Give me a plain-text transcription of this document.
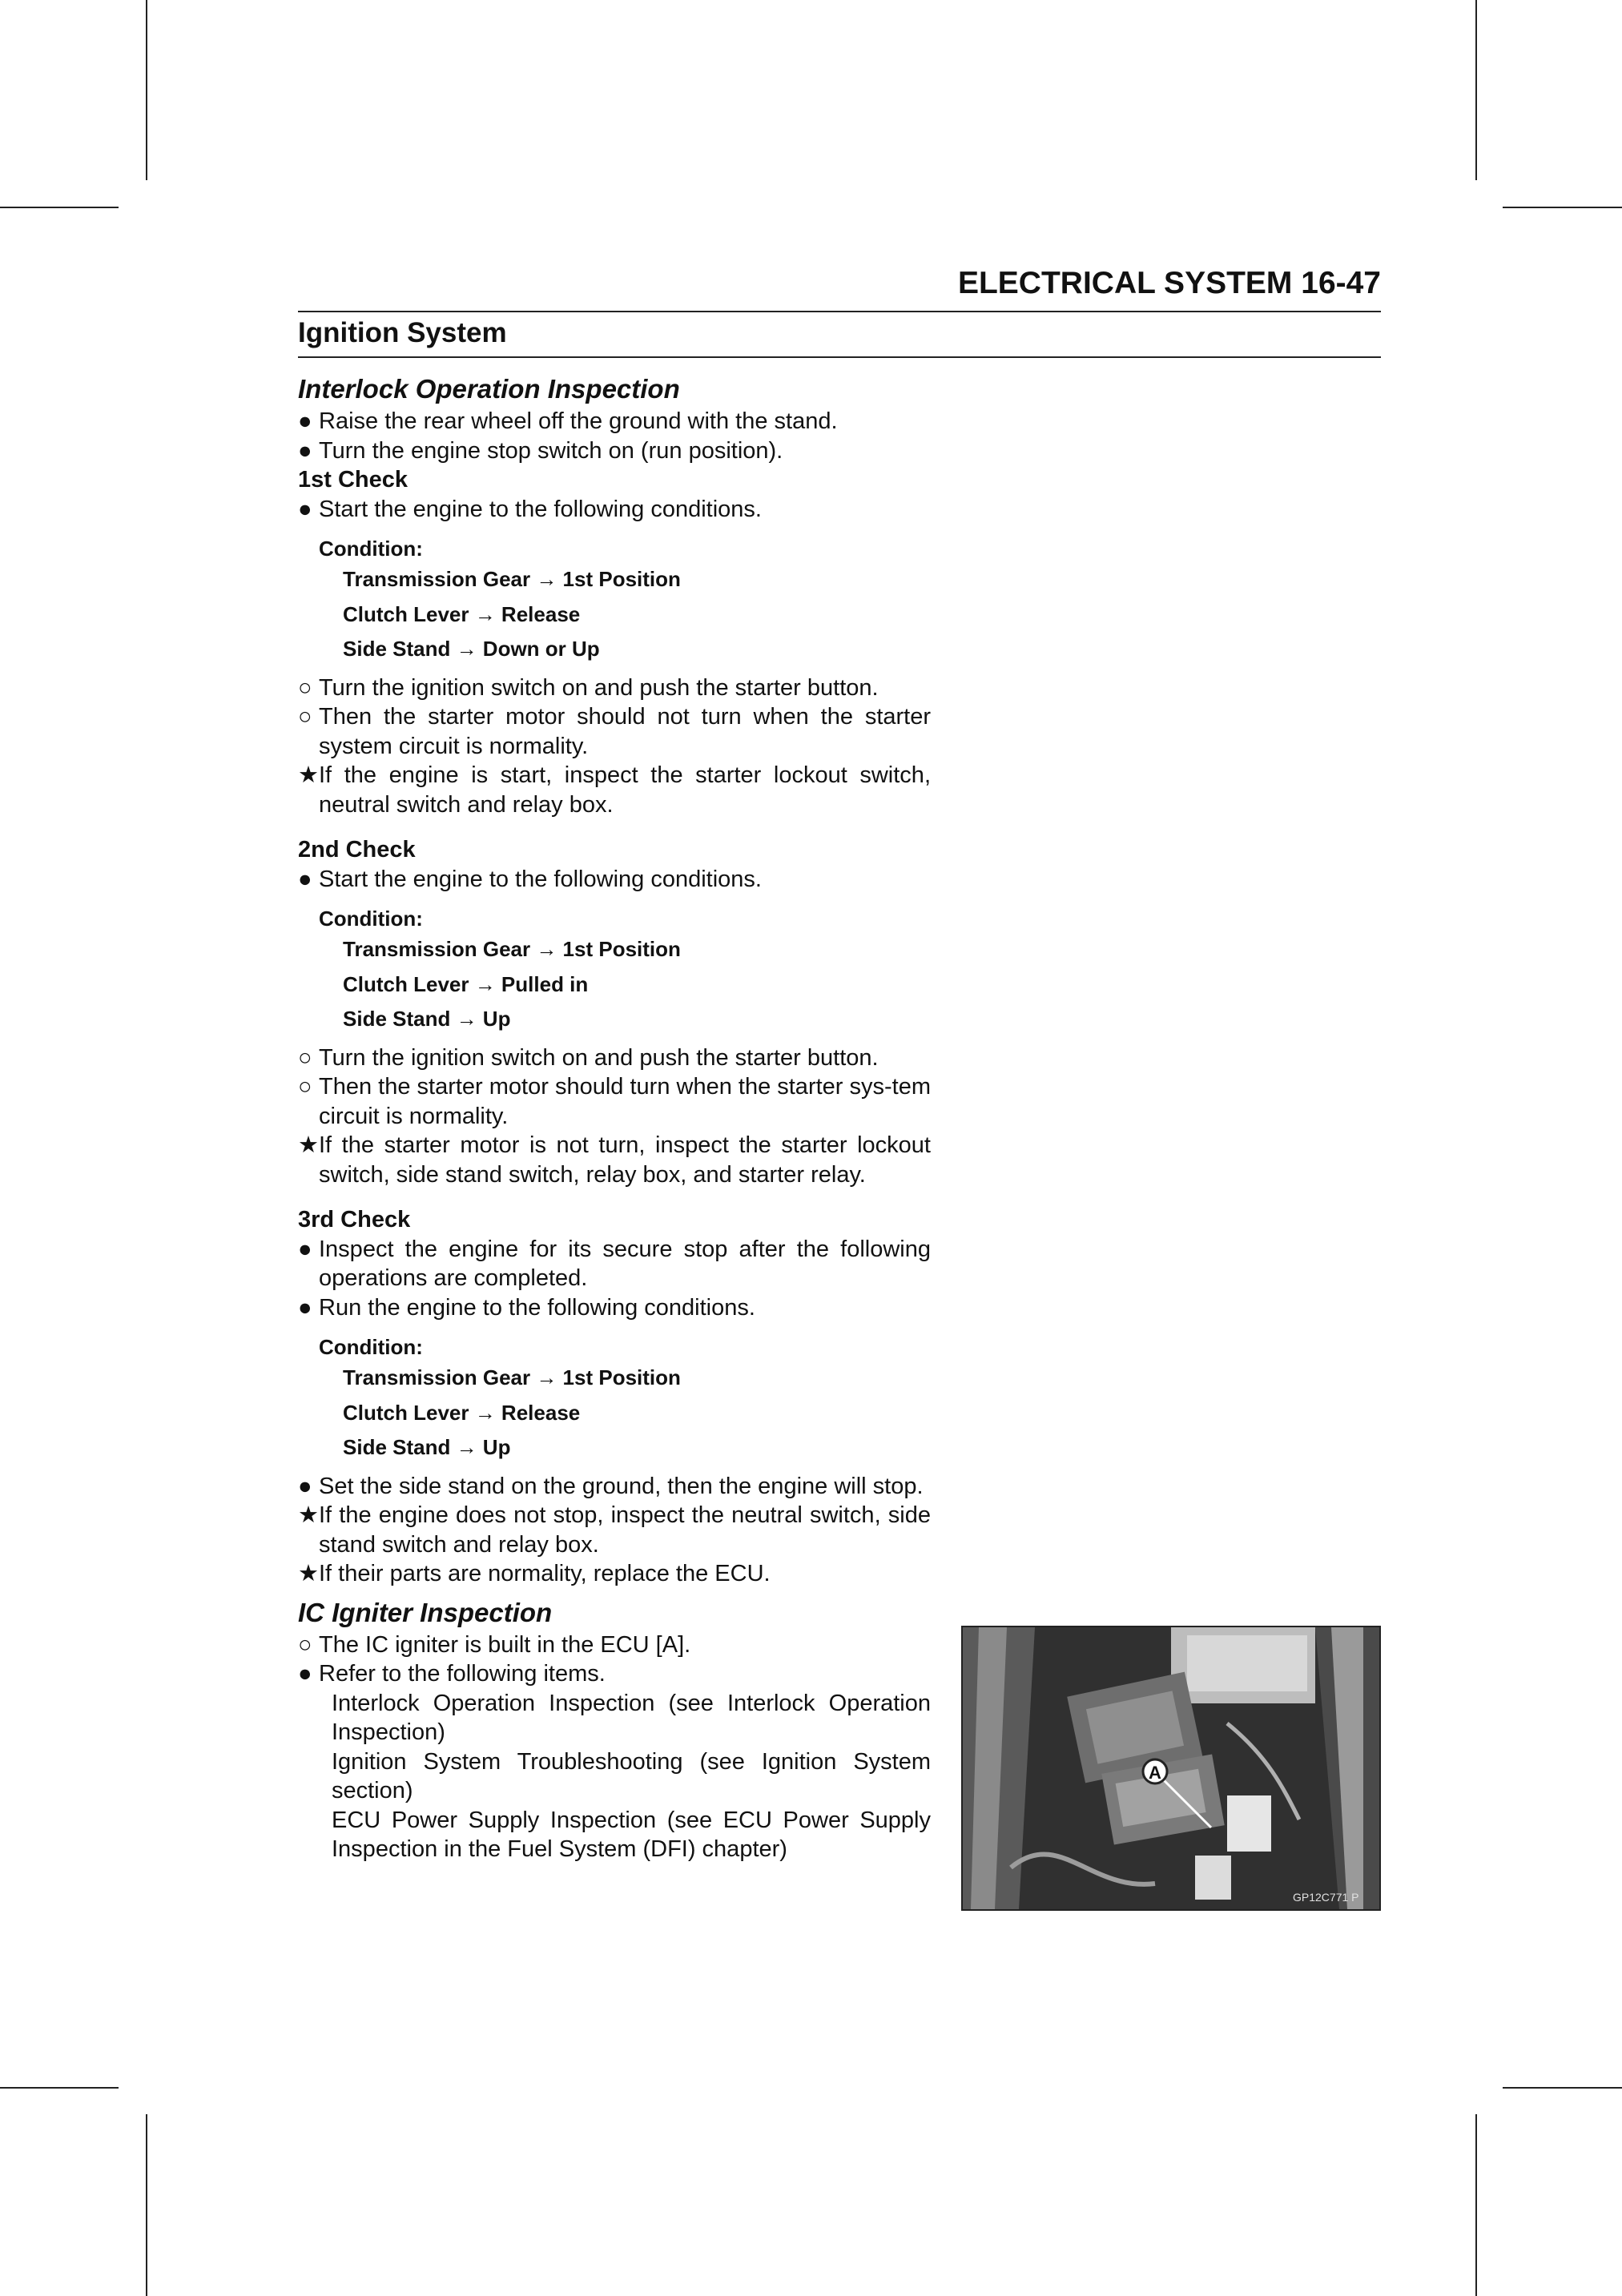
ELECTRICAL SYSTEM 16-47
Ignition System
Interlock Operation Inspection
● Raise the rear wheel off the ground with the stand.
● Turn the engine stop switch on (run position).
1st Check
● Start the engine to the following conditions.
Condition:
Transmission Gear → 1st Position
Clutch Lever → Release
Side Stand → Down or Up
○ Turn the ignition switch on and push the starter button.
○ Then the starter motor should not turn when the starter system circuit is normality.
★ If the engine is start, inspect the starter lockout switch, neutral switch and relay box.
2nd Check
● Start the engine to the following conditions.
Condition:
Transmission Gear → 1st Position
Clutch Lever → Pulled in
Side Stand → Up
○ Turn the ignition switch on and push the starter button.
○ Then the starter motor should turn when the starter sys-tem circuit is normality.
★ If the starter motor is not turn, inspect the starter lockout switch, side stand switch, relay box, and starter relay.
3rd Check
● Inspect the engine for its secure stop after the following operations are completed.
● Run the engine to the following conditions.
Condition:
Transmission Gear → 1st Position
Clutch Lever → Release
Side Stand → Up
● Set the side stand on the ground, then the engine will stop.
★ If the engine does not stop, inspect the neutral switch, side stand switch and relay box.
★ If their parts are normality, replace the ECU.
IC Igniter Inspection
○ The IC igniter is built in the ECU [A].
● Refer to the following items.
Interlock Operation Inspection (see Interlock Operation Inspection)
Ignition System Troubleshooting (see Ignition System section)
ECU Power Supply Inspection (see ECU Power Supply Inspection in the Fuel System (DFI) chapter)
A
GP12C771 P
